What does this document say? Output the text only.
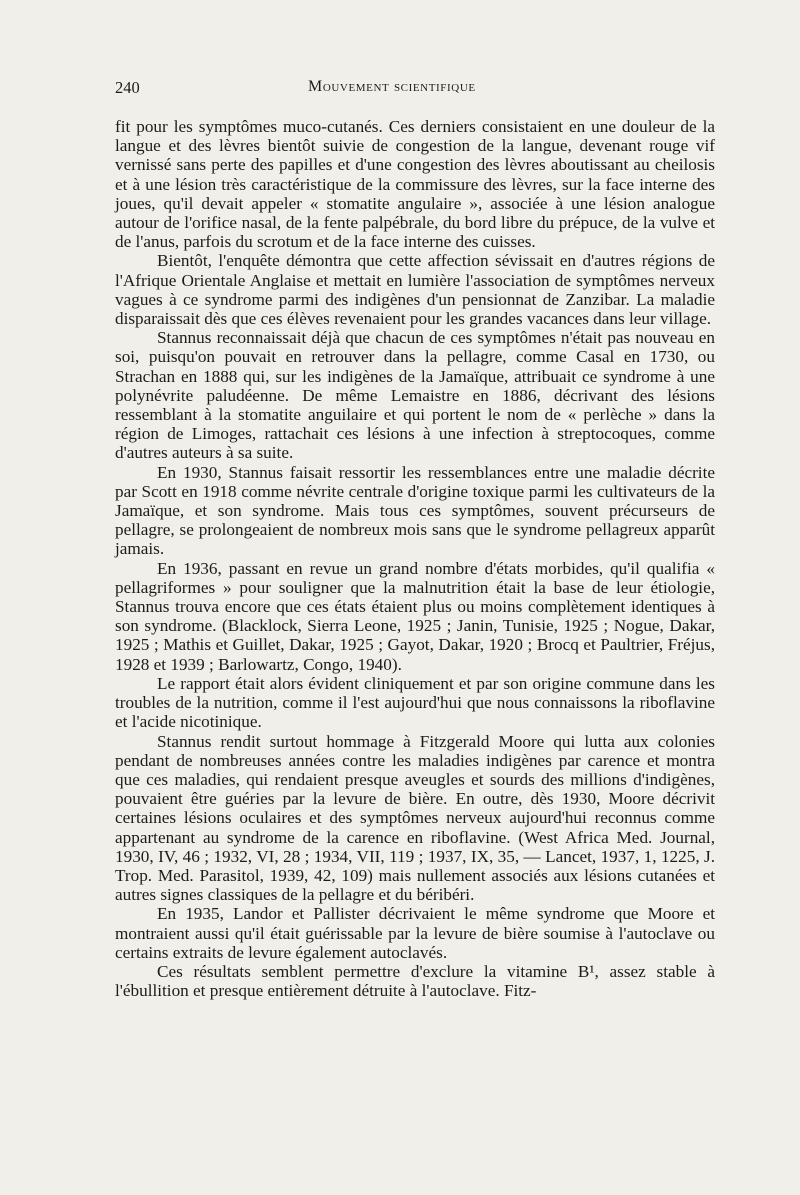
240	Mouvement scientifique

fit pour les symptômes muco-cutanés. Ces derniers consistaient en une douleur de la langue et des lèvres bientôt suivie de congestion de la langue, devenant rouge vif vernissé sans perte des papilles et d'une congestion des lèvres aboutissant au cheilosis et à une lésion très caractéristique de la commissure des lèvres, sur la face interne des joues, qu'il devait appeler « stomatite angulaire », associée à une lésion analogue autour de l'orifice nasal, de la fente palpébrale, du bord libre du prépuce, de la vulve et de l'anus, parfois du scrotum et de la face interne des cuisses.

Bientôt, l'enquête démontra que cette affection sévissait en d'autres régions de l'Afrique Orientale Anglaise et mettait en lumière l'association de symptômes nerveux vagues à ce syndrome parmi des indigènes d'un pensionnat de Zanzibar. La maladie disparaissait dès que ces élèves revenaient pour les grandes vacances dans leur village.

Stannus reconnaissait déjà que chacun de ces symptômes n'était pas nouveau en soi, puisqu'on pouvait en retrouver dans la pellagre, comme Casal en 1730, ou Strachan en 1888 qui, sur les indigènes de la Jamaïque, attribuait ce syndrome à une polynévrite paludéenne. De même Lemaistre en 1886, décrivant des lésions ressemblant à la stomatite anguilaire et qui portent le nom de « perlèche » dans la région de Limoges, rattachait ces lésions à une infection à streptocoques, comme d'autres auteurs à sa suite.

En 1930, Stannus faisait ressortir les ressemblances entre une maladie décrite par Scott en 1918 comme névrite centrale d'origine toxique parmi les cultivateurs de la Jamaïque, et son syndrome. Mais tous ces symptômes, souvent précurseurs de pellagre, se prolongeaient de nombreux mois sans que le syndrome pellagreux apparût jamais.

En 1936, passant en revue un grand nombre d'états morbides, qu'il qualifia « pellagriformes » pour souligner que la malnutrition était la base de leur étiologie, Stannus trouva encore que ces états étaient plus ou moins complètement identiques à son syndrome. (Blacklock, Sierra Leone, 1925 ; Janin, Tunisie, 1925 ; Nogue, Dakar, 1925 ; Mathis et Guillet, Dakar, 1925 ; Gayot, Dakar, 1920 ; Brocq et Paultrier, Fréjus, 1928 et 1939 ; Barlowartz, Congo, 1940).

Le rapport était alors évident cliniquement et par son origine commune dans les troubles de la nutrition, comme il l'est aujourd'hui que nous connaissons la riboflavine et l'acide nicotinique.

Stannus rendit surtout hommage à Fitzgerald Moore qui lutta aux colonies pendant de nombreuses années contre les maladies indigènes par carence et montra que ces maladies, qui rendaient presque aveugles et sourds des millions d'indigènes, pouvaient être guéries par la levure de bière. En outre, dès 1930, Moore décrivit certaines lésions oculaires et des symptômes nerveux aujourd'hui reconnus comme appartenant au syndrome de la carence en riboflavine. (West Africa Med. Journal, 1930, IV, 46 ; 1932, VI, 28 ; 1934, VII, 119 ; 1937, IX, 35, — Lancet, 1937, 1, 1225, J. Trop. Med. Parasitol, 1939, 42, 109) mais nullement associés aux lésions cutanées et autres signes classiques de la pellagre et du béribéri.

En 1935, Landor et Pallister décrivaient le même syndrome que Moore et montraient aussi qu'il était guérissable par la levure de bière soumise à l'autoclave ou certains extraits de levure également autoclavés.

Ces résultats semblent permettre d'exclure la vitamine B¹, assez stable à l'ébullition et presque entièrement détruite à l'autoclave. Fitz-
